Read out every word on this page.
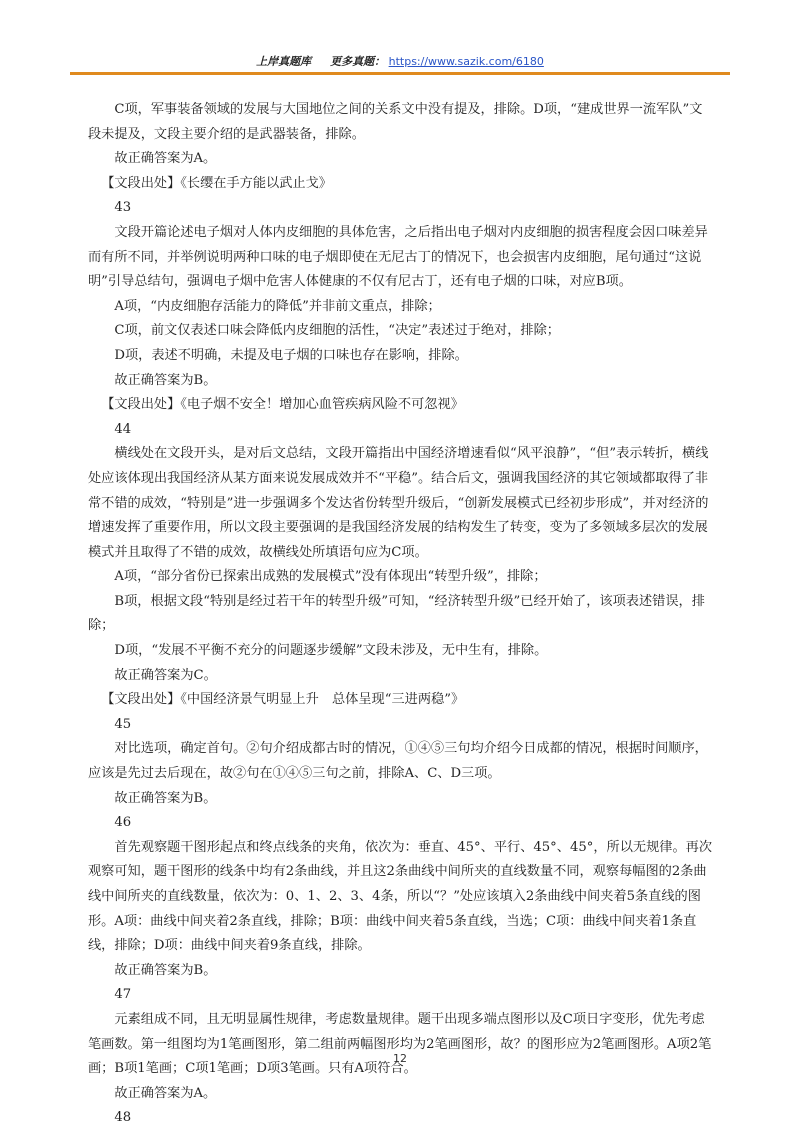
上岸真题库 更多真题： https://www.sazik.com/6180

C项，军事装备领域的发展与大国地位之间的关系文中没有提及，排除。D项，“建成世界一流军队”文段未提及，文段主要介绍的是武器装备，排除。

故正确答案为A。

【文段出处】《长缨在手方能以武止戈》

43

文段开篇论述电子烟对人体内皮细胞的具体危害，之后指出电子烟对内皮细胞的损害程度会因口味差异而有所不同，并举例说明两种口味的电子烟即使在无尼古丁的情况下，也会损害内皮细胞，尾句通过“这说明”引导总结句，强调电子烟中危害人体健康的不仅有尼古丁，还有电子烟的口味，对应B项。

A项，“内皮细胞存活能力的降低”并非前文重点，排除；

C项，前文仅表述口味会降低内皮细胞的活性，“决定”表述过于绝对，排除；

D项，表述不明确，未提及电子烟的口味也存在影响，排除。

故正确答案为B。

【文段出处】《电子烟不安全！增加心血管疾病风险不可忽视》

44

横线处在文段开头，是对后文总结，文段开篇指出中国经济增速看似“风平浪静”，“但”表示转折，横线处应该体现出我国经济从某方面来说发展成效并不“平稳”。结合后文，强调我国经济的其它领域都取得了非常不错的成效，“特别是”进一步强调多个发达省份转型升级后，“创新发展模式已经初步形成”，并对经济的增速发挥了重要作用，所以文段主要强调的是我国经济发展的结构发生了转变，变为了多领域多层次的发展模式并且取得了不错的成效，故横线处所填语句应为C项。

A项，“部分省份已探索出成熟的发展模式”没有体现出“转型升级”，排除；

B项，根据文段“特别是经过若干年的转型升级”可知，“经济转型升级”已经开始了，该项表述错误，排除；

D项，“发展不平衡不充分的问题逐步缓解”文段未涉及，无中生有，排除。

故正确答案为C。

【文段出处】《中国经济景气明显上升　总体呈现“三进两稳”》

45

对比选项，确定首句。②句介绍成都古时的情况，①④⑤三句均介绍今日成都的情况，根据时间顺序，应该是先过去后现在，故②句在①④⑤三句之前，排除A、C、D三项。

故正确答案为B。

46

首先观察题干图形起点和终点线条的夹角，依次为：垂直、45°、平行、45°、45°，所以无规律。再次观察可知，题干图形的线条中均有2条曲线，并且这2条曲线中间所夹的直线数量不同，观察每幅图的2条曲线中间所夹的直线数量，依次为：0、1、2、3、4条，所以“？”处应该填入2条曲线中间夹着5条直线的图形。A项：曲线中间夹着2条直线，排除；B项：曲线中间夹着5条直线，当选；C项：曲线中间夹着1条直线，排除；D项：曲线中间夹着9条直线，排除。

故正确答案为B。

47

元素组成不同，且无明显属性规律，考虑数量规律。题干出现多端点图形以及C项日字变形，优先考虑笔画数。第一组图均为1笔画图形，第二组前两幅图形均为2笔画图形，故？的图形应为2笔画图形。A项2笔画；B项1笔画；C项1笔画；D项3笔画。只有A项符合。

故正确答案为A。

48

12
